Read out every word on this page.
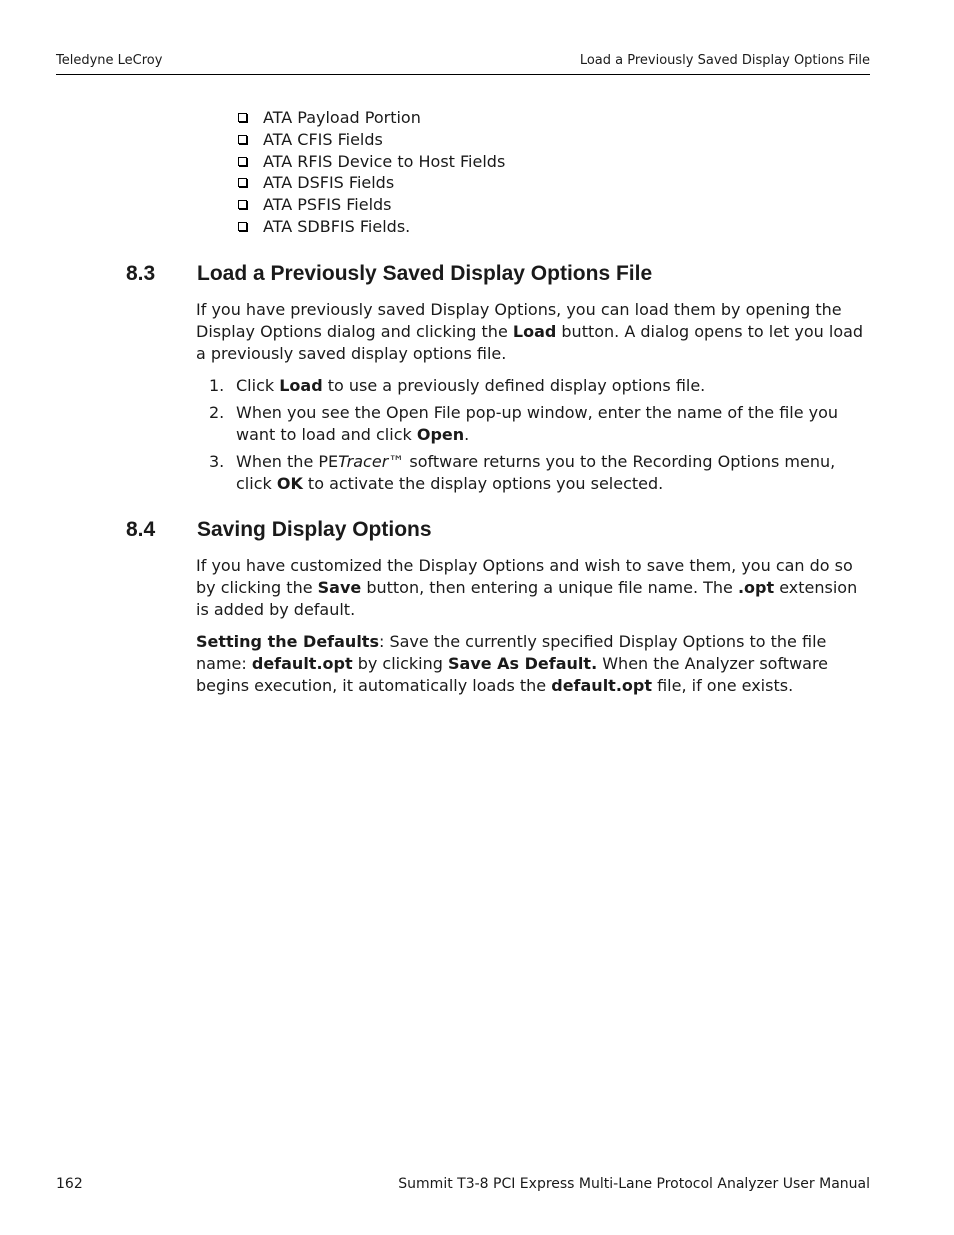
Teledyne LeCroy	Load a Previously Saved Display Options File
ATA Payload Portion
ATA CFIS Fields
ATA RFIS Device to Host Fields
ATA DSFIS Fields
ATA PSFIS Fields
ATA SDBFIS Fields.
8.3 Load a Previously Saved Display Options File

If you have previously saved Display Options, you can load them by opening the Display Options dialog and clicking the Load button. A dialog opens to let you load a previously saved display options file.

1. Click Load to use a previously defined display options file.
2. When you see the Open File pop-up window, enter the name of the file you want to load and click Open.
3. When the PETracer™ software returns you to the Recording Options menu, click OK to activate the display options you selected.
8.4 Saving Display Options

If you have customized the Display Options and wish to save them, you can do so by clicking the Save button, then entering a unique file name. The .opt extension is added by default.

Setting the Defaults: Save the currently specified Display Options to the file name: default.opt by clicking Save As Default. When the Analyzer software begins execution, it automatically loads the default.opt file, if one exists.

162	Summit T3-8 PCI Express Multi-Lane Protocol Analyzer User Manual
